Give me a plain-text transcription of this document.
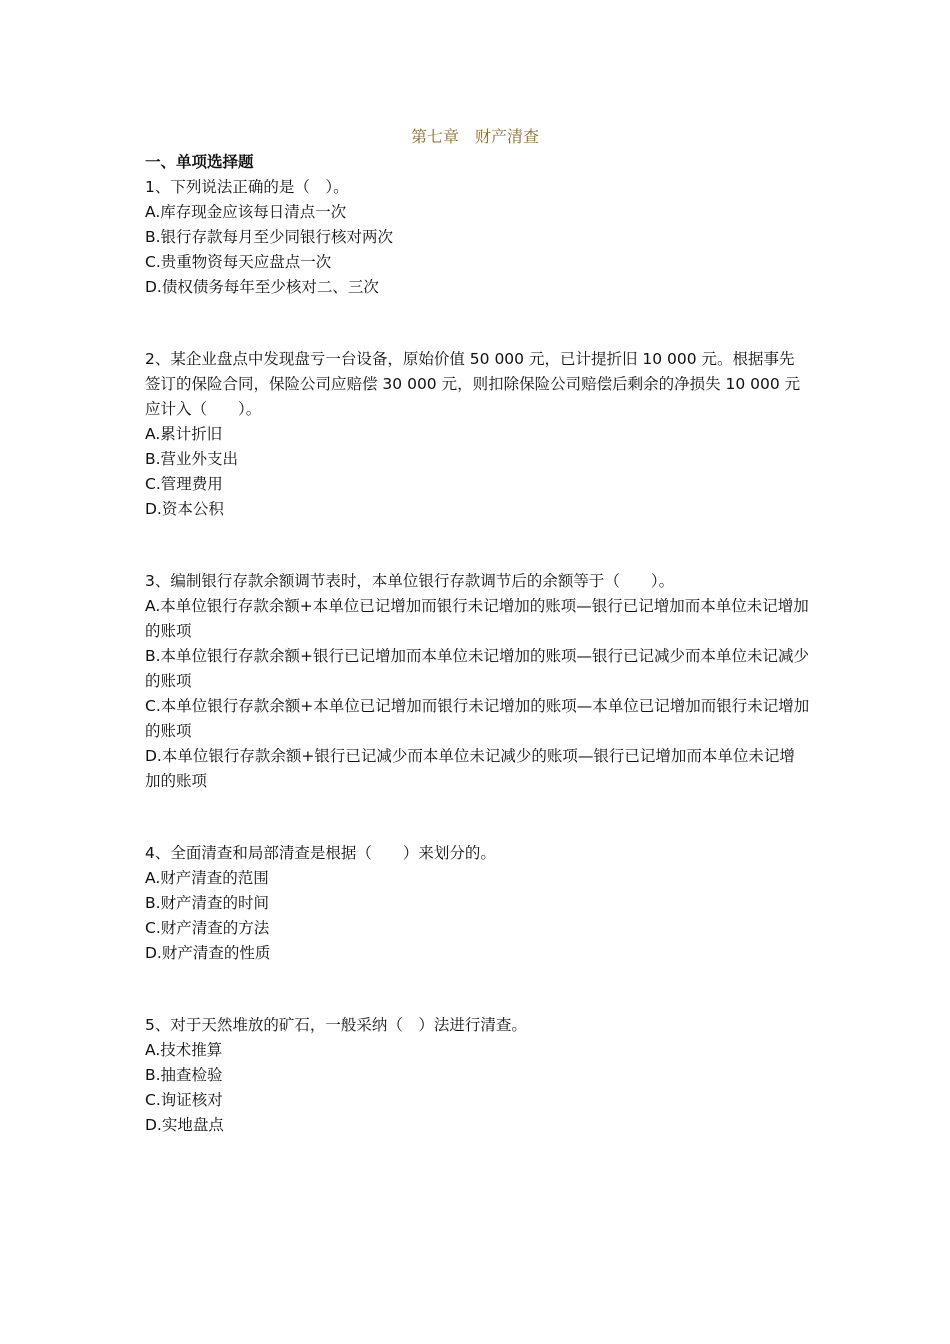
第七章　财产清查

一、单项选择题

1、下列说法正确的是（　）。

A.库存现金应该每日清点一次

B.银行存款每月至少同银行核对两次

C.贵重物资每天应盘点一次

D.债权债务每年至少核对二、三次

2、某企业盘点中发现盘亏一台设备，原始价值 50 000 元，已计提折旧 10 000 元。根据事先签订的保险合同，保险公司应赔偿 30 000 元，则扣除保险公司赔偿后剩余的净损失 10 000 元应计入（　　）。

A.累计折旧

B.营业外支出

C.管理费用

D.资本公积

3、编制银行存款余额调节表时，本单位银行存款调节后的余额等于（　　）。

A.本单位银行存款余额+本单位已记增加而银行未记增加的账项—银行已记增加而本单位未记增加的账项

B.本单位银行存款余额+银行已记增加而本单位未记增加的账项—银行已记减少而本单位未记减少的账项

C.本单位银行存款余额+本单位已记增加而银行未记增加的账项—本单位已记增加而银行未记增加的账项

D.本单位银行存款余额+银行已记减少而本单位未记减少的账项—银行已记增加而本单位未记增加的账项

4、全面清查和局部清查是根据（　　）来划分的。

A.财产清查的范围

B.财产清查的时间

C.财产清查的方法

D.财产清查的性质

5、对于天然堆放的矿石，一般采纳（　）法进行清查。

A.技术推算

B.抽查检验

C.询证核对

D.实地盘点
